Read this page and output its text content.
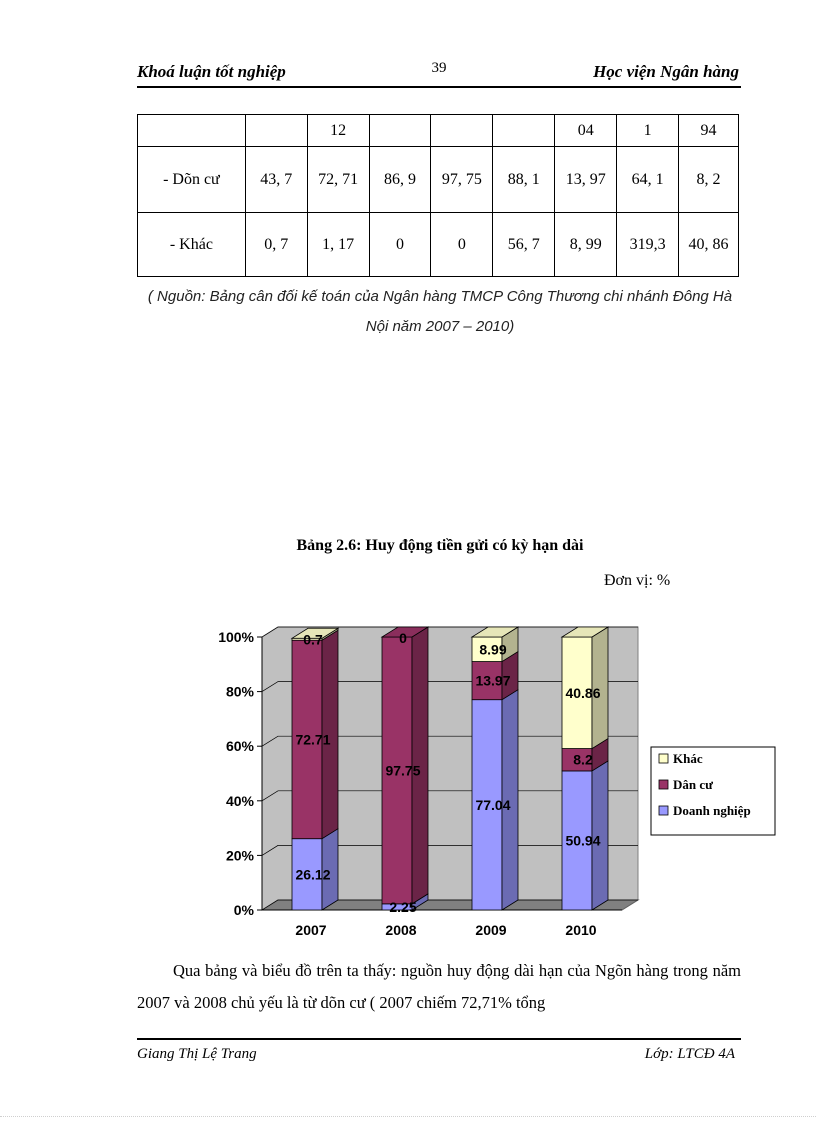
Khoá luận tốt nghiệp	39	Học viện Ngân hàng
		12				04	1	94
- Dõn cư	43, 7	72, 71	86, 9	97, 75	88, 1	13, 97	64, 1	8, 2
- Khác	0, 7	1, 17	0	0	56, 7	8, 99	319,3	40, 86
( Nguồn: Bảng cân đối kế toán của Ngân hàng TMCP Công Thương chi nhánh Đông Hà Nội năm 2007 – 2010)
Bảng 2.6: Huy động tiền gửi có kỳ hạn dài
Đơn vị: %
0%
20%
40%
60%
80%
100%
26.12
72.71
0.7
2007
2.25
97.75
0
2008
77.04
13.97
8.99
2009
50.94
8.2
40.86
2010
Khác
Dân cư
Doanh nghiệp

Qua bảng và biểu đồ trên ta thấy: nguồn huy động dài hạn của Ngõn hàng trong năm 2007 và 2008 chủ yếu là từ dõn cư ( 2007 chiếm 72,71% tổng

Giang Thị Lệ Trang	Lớp: LTCĐ 4A
